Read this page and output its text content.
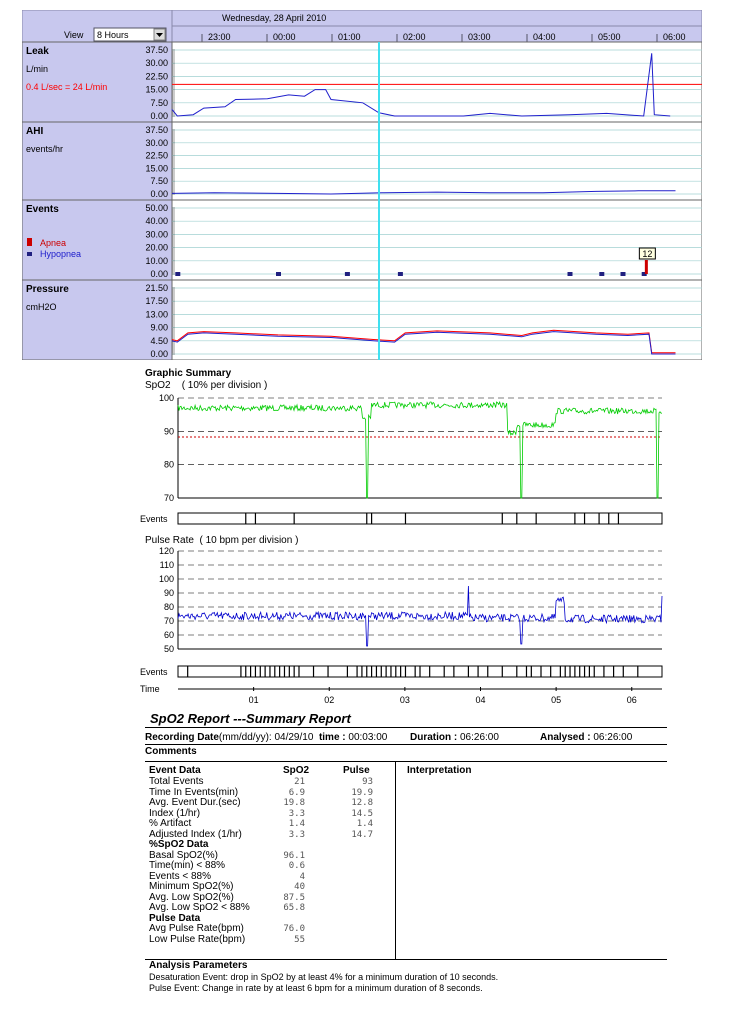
Wednesday, 28 April 2010
View 8 Hours	23:00	00:00	01:00	02:00	03:00	04:00	05:00	06:00
Leak
L/min
0.4 L/sec = 24 L/min
37.50
30.00
22.50
15.00
7.50
0.00
AHI
events/hr
37.50
30.00
22.50
15.00
7.50
0.00
Events
Apnea
Hypopnea
50.00
40.00
30.00
20.00
10.00
0.00
12
Pressure
cmH2O
21.50
17.50
13.00
9.00
4.50
0.00
Graphic Summary
SpO2 ( 10% per division )
100
90
80
70
Events
Pulse Rate ( 10 bpm per division )
120
110
100
90
80
70
60
50
Events
Time
01	02	03	04	05	06
SpO2 Report ---Summary Report
Recording Date(mm/dd/yy): 04/29/10 time : 00:03:00 Duration : 06:26:00	Analysed : 06:26:00
Comments
Event Data	SpO2	Pulse	Interpretation
Total Events	21	93
Time In Events(min)	6.9	19.9
Avg. Event Dur.(sec)	19.8	12.8
Index (1/hr)	3.3	14.5
% Artifact	1.4	1.4
Adjusted Index (1/hr)	3.3	14.7
%SpO2 Data
Basal SpO2(%)	96.1
Time(min) < 88%	0.6
Events < 88%	4
Minimum SpO2(%)	40
Avg. Low SpO2(%)	87.5
Avg. Low SpO2 < 88%	65.8
Pulse Data
Avg Pulse Rate(bpm)	76.0
Low Pulse Rate(bpm)	55
Analysis Parameters
Desaturation Event: drop in SpO2 by at least 4% for a minimum duration of 10 seconds.
Pulse Event: Change in rate by at least 6 bpm for a minimum duration of 8 seconds.
